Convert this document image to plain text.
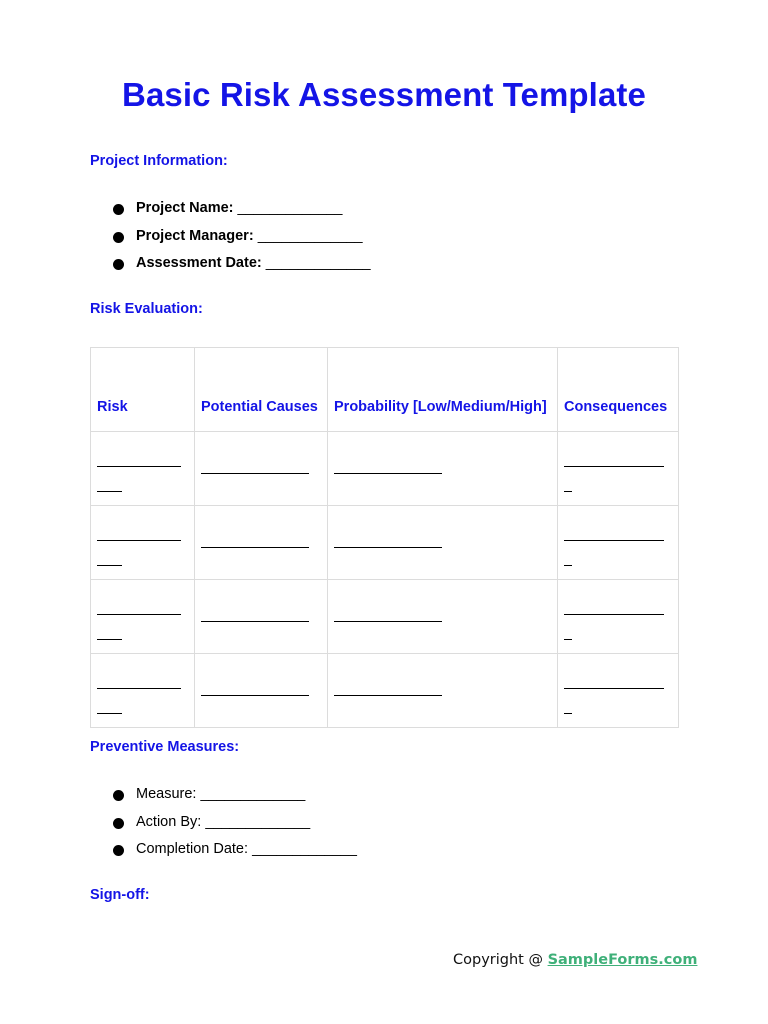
Basic Risk Assessment Template
Project Information:
Project Name: _____________
Project Manager: _____________
Assessment Date: _____________
Risk Evaluation:
Risk	Potential Causes	Probability [Low/Medium/High]	Consequences

Preventive Measures:
Measure: _____________
Action By: _____________
Completion Date: _____________
Sign-off:
Copyright @ SampleForms.com
